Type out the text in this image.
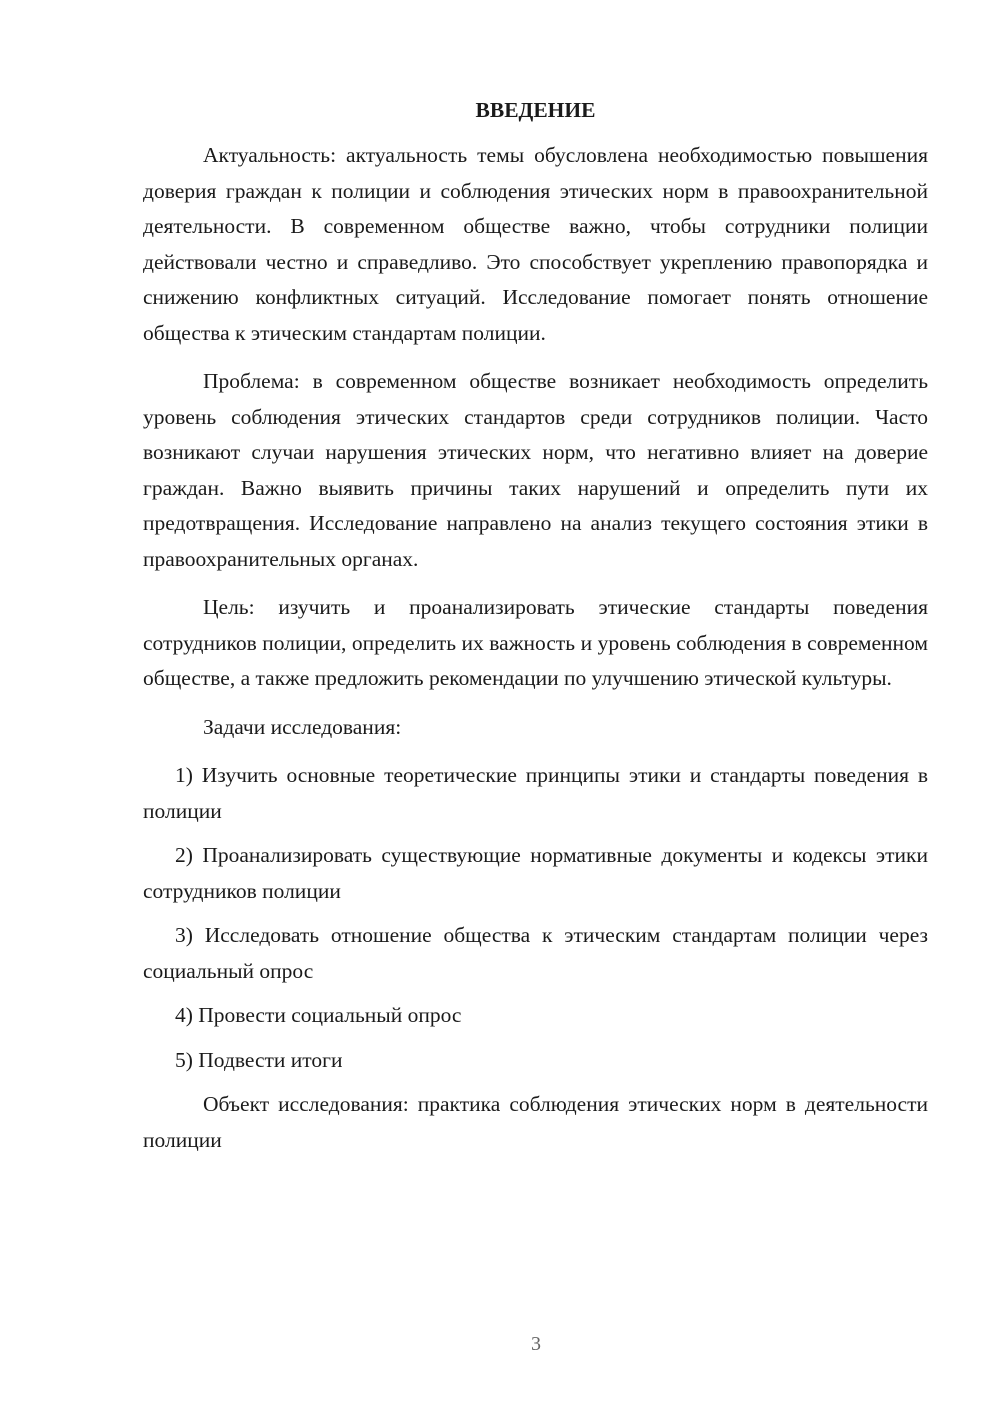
ВВЕДЕНИЕ

Актуальность: актуальность темы обусловлена необходимостью повышения доверия граждан к полиции и соблюдения этических норм в правоохранительной деятельности. В современном обществе важно, чтобы сотрудники полиции действовали честно и справедливо. Это способствует укреплению правопорядка и снижению конфликтных ситуаций. Исследование помогает понять отношение общества к этическим стандартам полиции.

Проблема: в современном обществе возникает необходимость определить уровень соблюдения этических стандартов среди сотрудников полиции. Часто возникают случаи нарушения этических норм, что негативно влияет на доверие граждан. Важно выявить причины таких нарушений и определить пути их предотвращения. Исследование направлено на анализ текущего состояния этики в правоохранительных органах.

Цель: изучить и проанализировать этические стандарты поведения сотрудников полиции, определить их важность и уровень соблюдения в современном обществе, а также предложить рекомендации по улучшению этической культуры.

Задачи исследования:

1) Изучить основные теоретические принципы этики и стандарты поведения в полиции

2) Проанализировать существующие нормативные документы и кодексы этики сотрудников полиции

3) Исследовать отношение общества к этическим стандартам полиции через социальный опрос

4) Провести социальный опрос

5) Подвести итоги

Объект исследования: практика соблюдения этических норм в деятельности полиции

3
